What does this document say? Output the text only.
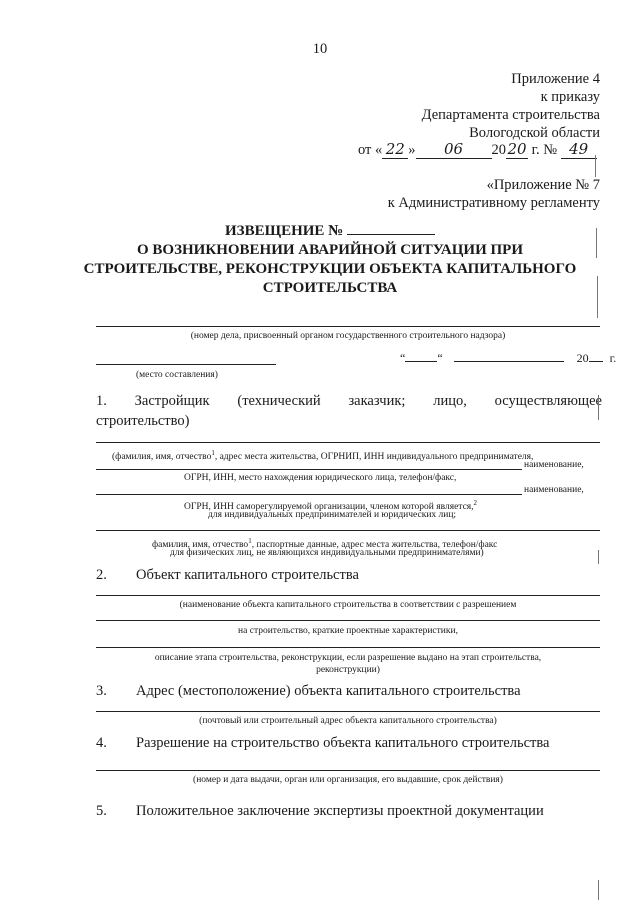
10
Приложение 4
к приказу
Департамента строительства
Вологодской области
от « 22 » 06 2020 г. № 49
«Приложение № 7
к Административному регламенту
ИЗВЕЩЕНИЕ №
О ВОЗНИКНОВЕНИИ АВАРИЙНОЙ СИТУАЦИИ ПРИ
СТРОИТЕЛЬСТВЕ, РЕКОНСТРУКЦИИ ОБЪЕКТА КАПИТАЛЬНОГО
СТРОИТЕЛЬСТВА
(номер дела, присвоенный органом государственного строительного надзора)
“	“	20 г.
(место составления)
1. Застройщик (технический заказчик; лицо, осуществляющее
строительство)
(фамилия, имя, отчество$^1$, адрес места жительства, ОГРНИП, ИНН индивидуального предпринимателя,
наименование,
ОГРН, ИНН, место нахождения юридического лица, телефон/факс,
наименование,
ОГРН, ИНН саморегулируемой организации, членом которой является,$^2$
для индивидуальных предпринимателей и юридических лиц;
фамилия, имя, отчество$^1$, паспортные данные, адрес места жительства, телефон/факс
для физических лиц, не являющихся индивидуальными предпринимателями)
2. Объект капитального строительства
(наименование объекта капитального строительства в соответствии с разрешением
на строительство, краткие проектные характеристики,
описание этапа строительства, реконструкции, если разрешение выдано на этап строительства,
реконструкции)
3. Адрес (местоположение) объекта капитального строительства
(почтовый или строительный адрес объекта капитального строительства)
4. Разрешение на строительство объекта капитального строительства
(номер и дата выдачи, орган или организация, его выдавшие, срок действия)
5. Положительное заключение экспертизы проектной документации
